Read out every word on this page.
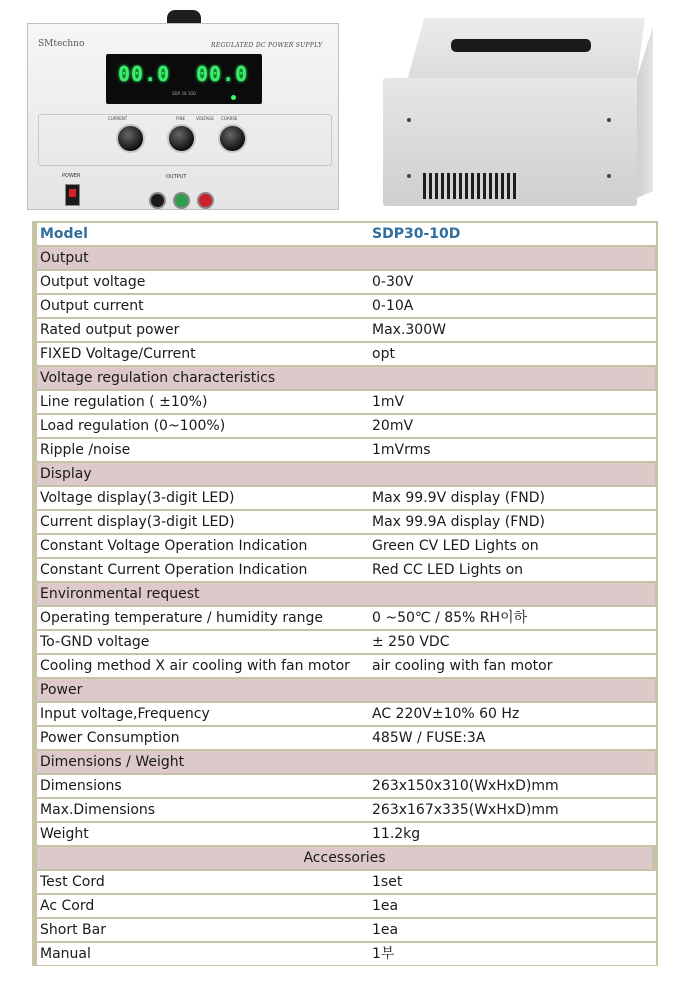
SMtechno	REGULATED DC POWER SUPPLY
00.0 00.0
SDP 30-10D
CURRENT	FINE	VOLTAGE COARSE
POWER	OUTPUT
Model	SDP30-10D
Output
Output voltage	0-30V
Output current	0-10A
Rated output power	Max.300W
FIXED Voltage/Current	opt
Voltage regulation characteristics
Line regulation ( ±10%)	1mV
Load regulation (0~100%)	20mV
Ripple /noise	1mVrms
Display
Voltage display(3-digit LED)	Max 99.9V display (FND)
Current display(3-digit LED)	Max 99.9A display (FND)
Constant Voltage Operation Indication	Green CV LED Lights on
Constant Current Operation Indication	Red CC LED Lights on
Environmental request
Operating temperature / humidity range	0 ~50℃ / 85% RH이하
To-GND voltage	± 250 VDC
Cooling method X air cooling with fan motor	air cooling with fan motor
Power
Input voltage,Frequency	AC 220V±10% 60 Hz
Power Consumption	485W / FUSE:3A
Dimensions / Weight
Dimensions	263x150x310(WxHxD)mm
Max.Dimensions	263x167x335(WxHxD)mm
Weight	11.2kg
Accessories
Test Cord	1set
Ac Cord	1ea
Short Bar	1ea
Manual	1부
